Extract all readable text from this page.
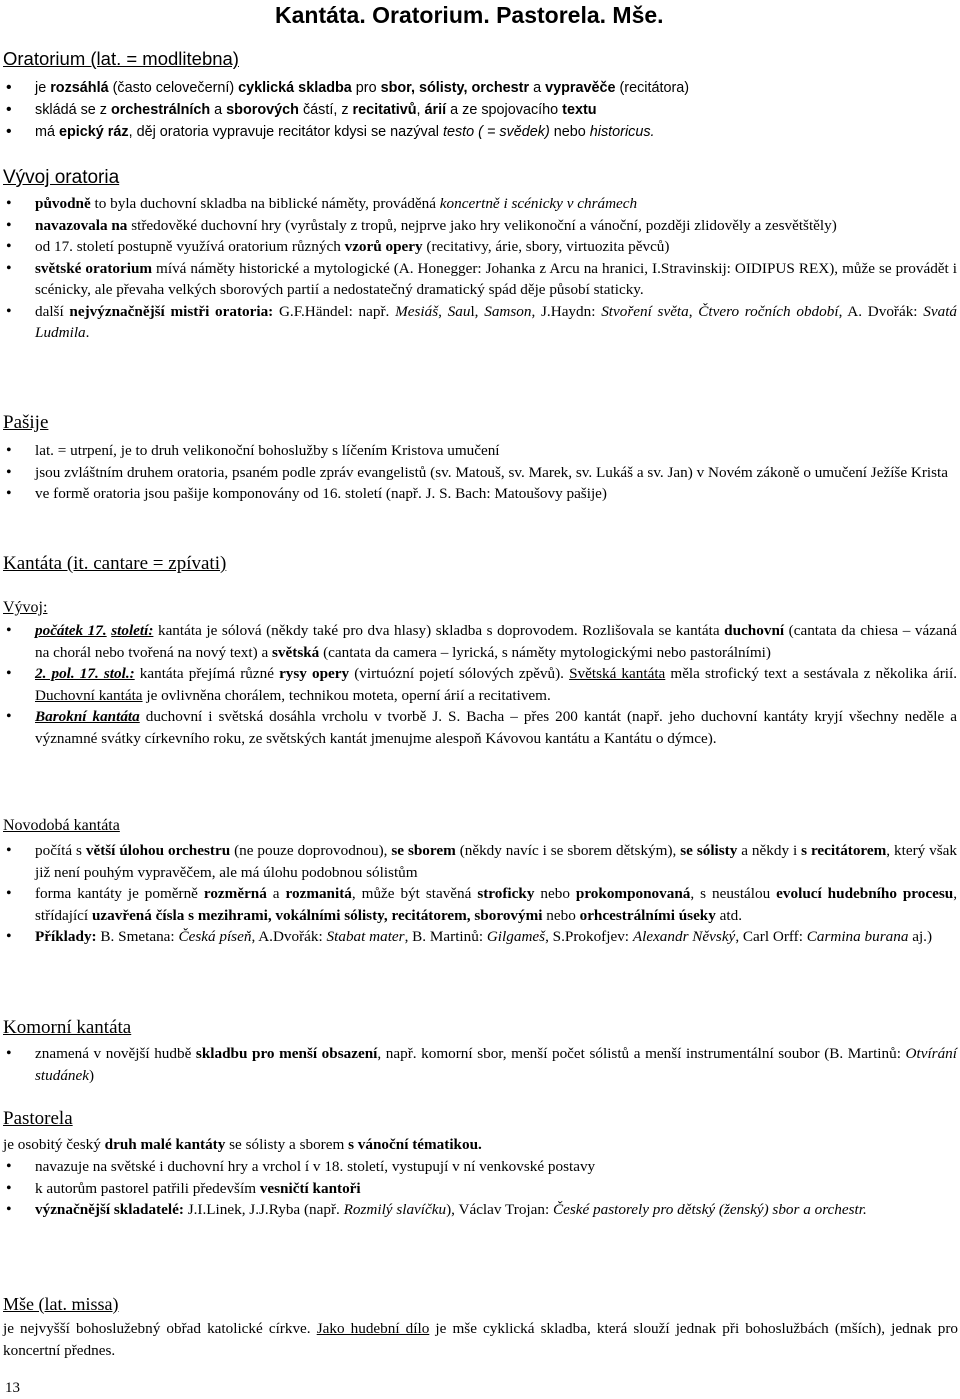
Kantáta. Oratorium. Pastorela. Mše.
Oratorium (lat. = modlitebna)
• je rozsáhlá (často celovečerní) cyklická skladba pro sbor, sólisty, orchestr a vypravěče (recitátora)
• skládá se z orchestrálních a sborových částí, z recitativů, árií a ze spojovacího textu
• má epický ráz, děj oratoria vypravuje recitátor kdysi se nazýval testo ( = svědek) nebo historicus.
Vývoj oratoria
• původně to byla duchovní skladba na biblické náměty, prováděná koncertně i scénicky v chrámech
• navazovala na středověké duchovní hry (vyrůstaly z tropů, nejprve jako hry velikonoční a vánoční, později zlidověly a zesvětštěly)
• od 17. století postupně využívá oratorium různých vzorů opery (recitativy, árie, sbory, virtuozita pěvců)
• světské oratorium mívá náměty historické a mytologické (A. Honegger: Johanka z Arcu na hranici, I.Stravinskij: OIDIPUS REX), může se provádět i scénicky, ale převaha velkých sborových partií a nedostatečný dramatický spád děje působí staticky.
• další nejvýznačnější mistři oratoria: G.F.Händel: např. Mesiáš, Saul, Samson, J.Haydn: Stvoření světa, Čtvero ročních období, A. Dvořák: Svatá Ludmila.
Pašije
• lat. = utrpení, je to druh velikonoční bohoslužby s líčením Kristova umučení
• jsou zvláštním druhem oratoria, psaném podle zpráv evangelistů (sv. Matouš, sv. Marek, sv. Lukáš a sv. Jan) v Novém zákoně o umučení Ježíše Krista
• ve formě oratoria jsou pašije komponovány od 16. století (např. J. S. Bach: Matoušovy pašije)
Kantáta (it. cantare = zpívati)
Vývoj:
• počátek 17. století: kantáta je sólová (někdy také pro dva hlasy) skladba s doprovodem. Rozlišovala se kantáta duchovní (cantata da chiesa – vázaná na chorál nebo tvořená na nový text) a světská (cantata da camera – lyrická, s náměty mytologickými nebo pastorálními)
• 2. pol. 17. stol.: kantáta přejímá různé rysy opery (virtuózní pojetí sólových zpěvů). Světská kantáta měla strofický text a sestávala z několika árií. Duchovní kantáta je ovlivněna chorálem, technikou moteta, operní árií a recitativem.
• Barokní kantáta duchovní i světská dosáhla vrcholu v tvorbě J. S. Bacha – přes 200 kantát (např. jeho duchovní kantáty kryjí všechny neděle a významné svátky církevního roku, ze světských kantát jmenujme alespoň Kávovou kantátu a Kantátu o dýmce).
Novodobá kantáta
• počítá s větší úlohou orchestru (ne pouze doprovodnou), se sborem (někdy navíc i se sborem dětským), se sólisty a někdy i s recitátorem, který však již není pouhým vypravěčem, ale má úlohu podobnou sólistům
• forma kantáty je poměrně rozměrná a rozmanitá, může být stavěná stroficky nebo prokomponovaná, s neustálou evolucí hudebního procesu, střídající uzavřená čísla s mezihrami, vokálními sólisty, recitátorem, sborovými nebo orhcestrálními úseky atd.
• Příklady: B. Smetana: Česká píseň, A.Dvořák: Stabat mater, B. Martinů: Gilgameš, S.Prokofjev: Alexandr Něvský, Carl Orff: Carmina burana aj.)
Komorní kantáta
• znamená v novější hudbě skladbu pro menší obsazení, např. komorní sbor, menší počet sólistů a menší instrumentální soubor (B. Martinů: Otvírání studánek)
Pastorela

je osobitý český druh malé kantáty se sólisty a sborem s vánoční tématikou.

• navazuje na světské i duchovní hry a vrchol í v 18. století, vystupují v ní venkovské postavy
• k autorům pastorel patřili především vesničtí kantoři
• význačnější skladatelé: J.I.Linek, J.J.Ryba (např. Rozmilý slavíčku), Václav Trojan: České pastorely pro dětský (ženský) sbor a orchestr.
Mše (lat. missa)

je nejvyšší bohoslužebný obřad katolické církve. Jako hudební dílo je mše cyklická skladba, která slouží jednak při bohoslužbách (mších), jednak pro koncertní přednes.

13
